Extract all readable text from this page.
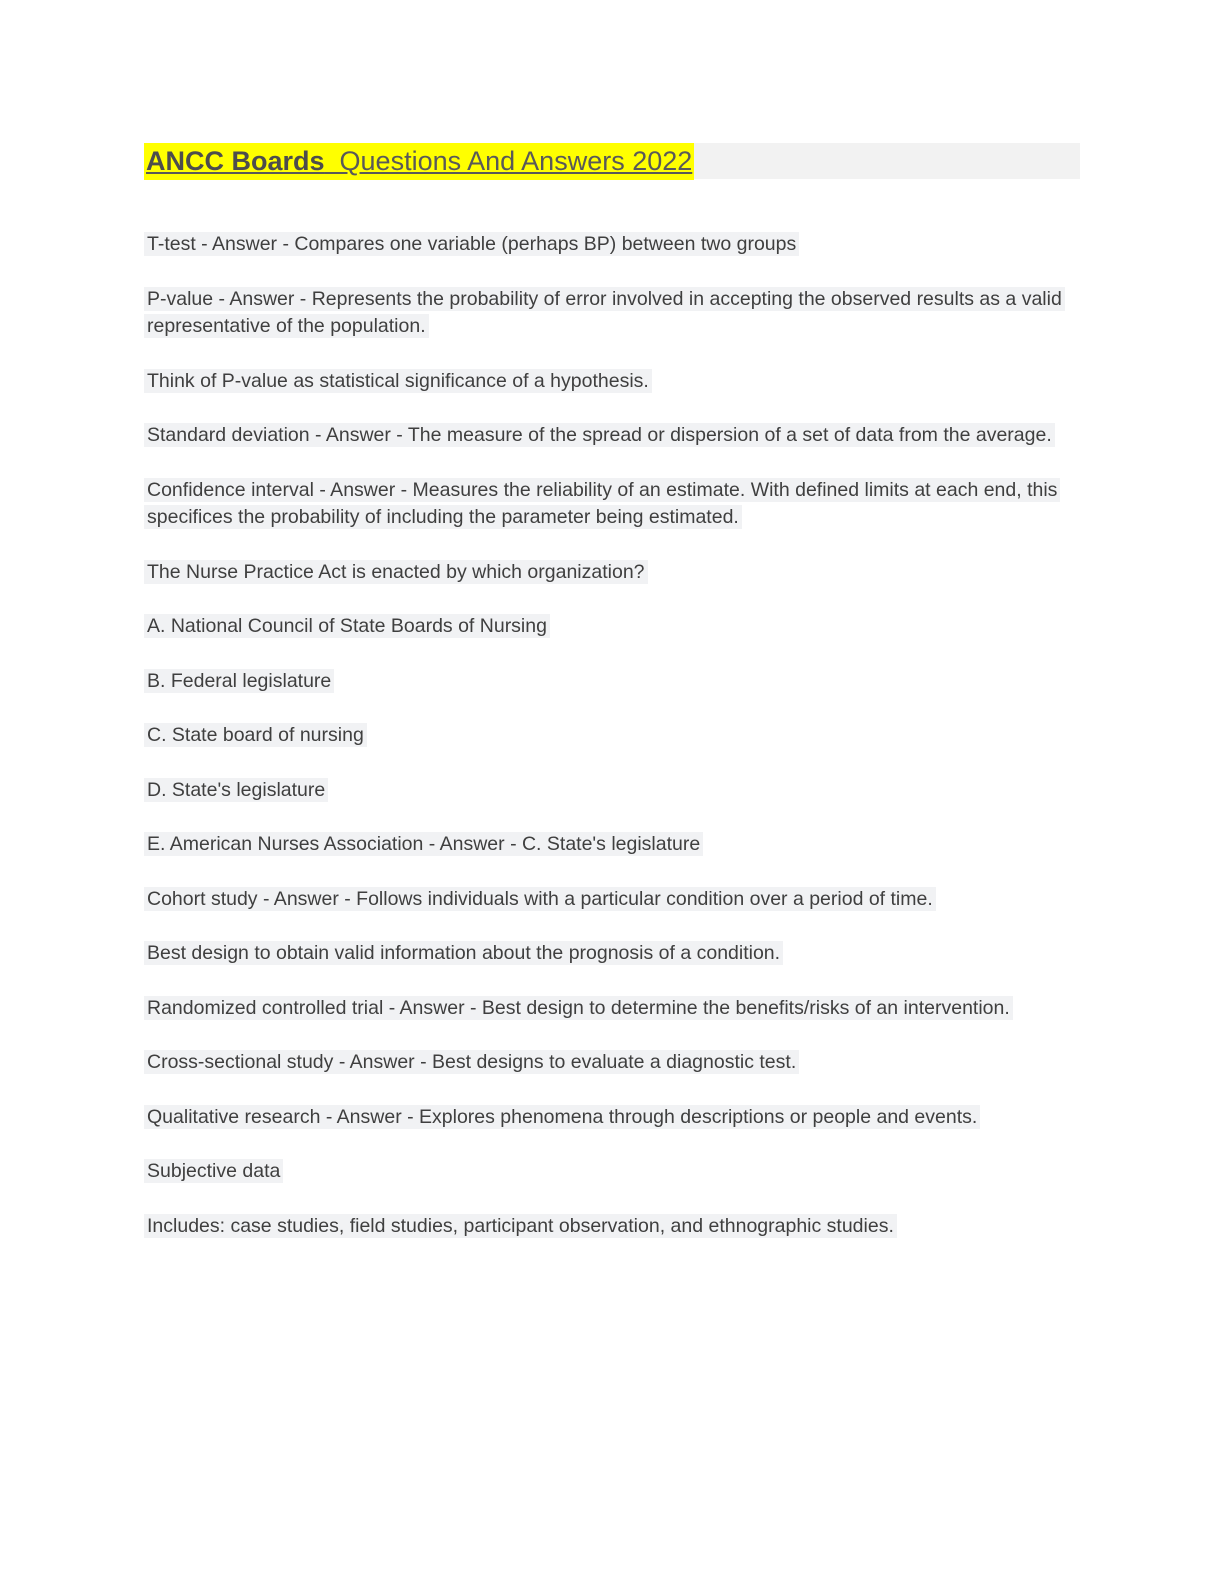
ANCC Boards  Questions And Answers 2022

T-test - Answer - Compares one variable (perhaps BP) between two groups

P-value - Answer - Represents the probability of error involved in accepting the observed results as a valid representative of the population.

Think of P-value as statistical significance of a hypothesis.

Standard deviation - Answer - The measure of the spread or dispersion of a set of data from the average.

Confidence interval - Answer - Measures the reliability of an estimate. With defined limits at each end, this specifices the probability of including the parameter being estimated.

The Nurse Practice Act is enacted by which organization?

A. National Council of State Boards of Nursing

B. Federal legislature

C. State board of nursing

D. State's legislature

E. American Nurses Association - Answer - C. State's legislature

Cohort study - Answer - Follows individuals with a particular condition over a period of time.

Best design to obtain valid information about the prognosis of a condition.

Randomized controlled trial - Answer - Best design to determine the benefits/risks of an intervention.

Cross-sectional study - Answer - Best designs to evaluate a diagnostic test.

Qualitative research - Answer - Explores phenomena through descriptions or people and events.

Subjective data

Includes: case studies, field studies, participant observation, and ethnographic studies.
